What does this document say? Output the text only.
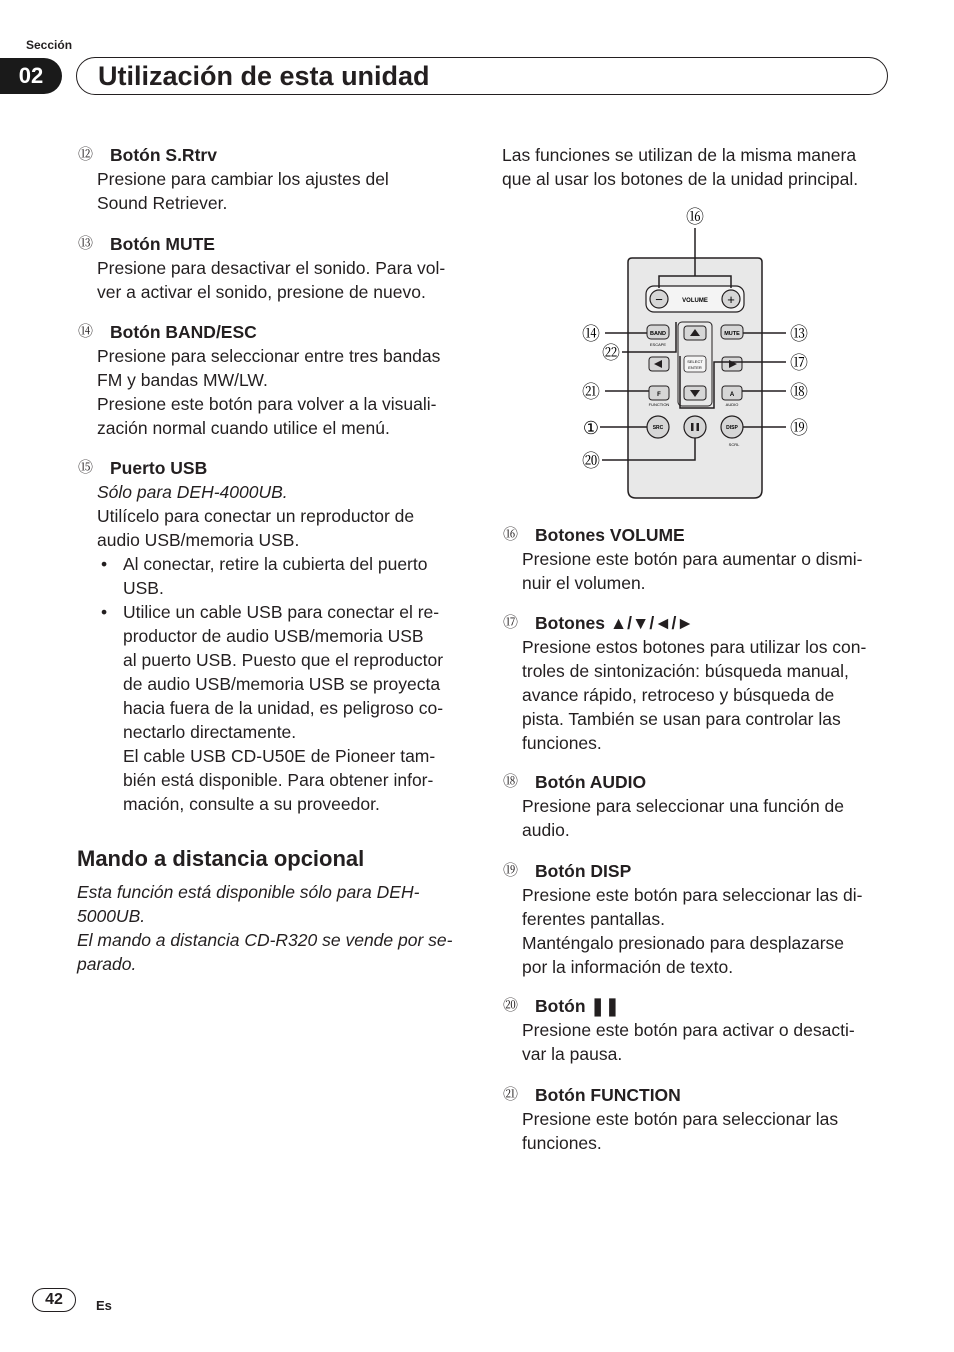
Sección
02	Utilización de esta unidad
⑫ Botón S.Rtrv

Presione para cambiar los ajustes del

Sound Retriever.

⑬ Botón MUTE

Presione para desactivar el sonido. Para vol-

ver a activar el sonido, presione de nuevo.

⑭ Botón BAND/ESC

Presione para seleccionar entre tres bandas

FM y bandas MW/LW.

Presione este botón para volver a la visuali-

zación normal cuando utilice el menú.

⑮ Puerto USB

Sólo para DEH-4000UB.

Utilícelo para conectar un reproductor de

audio USB/memoria USB.

• Al conectar, retire la cubierta del puerto

USB.

• Utilice un cable USB para conectar el re-

productor de audio USB/memoria USB

al puerto USB. Puesto que el reproductor

de audio USB/memoria USB se proyecta

hacia fuera de la unidad, es peligroso co-

nectarlo directamente.

El cable USB CD-U50E de Pioneer tam-

bién está disponible. Para obtener infor-

mación, consulte a su proveedor.

Mando a distancia opcional
Esta función está disponible sólo para DEH-
5000UB.
El mando a distancia CD-R320 se vende por se-
parado.
Las funciones se utilizan de la misma manera
que al usar los botones de la unidad principal.
−	+
VOLUME
BAND
ESCAPE
MUTE
SELECT
ENTER
F
FUNCTION
A
AUDIO
SRC	DISP
SCRL
⑯
⑭
㉒
㉑
①
⑳
⑬
⑰
⑱
⑲
⑯ Botones VOLUME

Presione este botón para aumentar o dismi-

nuir el volumen.

⑰ Botones ▲/▼/◄/►

Presione estos botones para utilizar los con-

troles de sintonización: búsqueda manual,

avance rápido, retroceso y búsqueda de

pista. También se usan para controlar las

funciones.

⑱ Botón AUDIO

Presione para seleccionar una función de

audio.

⑲ Botón DISP

Presione este botón para seleccionar las di-

ferentes pantallas.

Manténgalo presionado para desplazarse

por la información de texto.

⑳ Botón ❚❚

Presione este botón para activar o desacti-

var la pausa.

㉑ Botón FUNCTION

Presione este botón para seleccionar las

funciones.

42	Es
